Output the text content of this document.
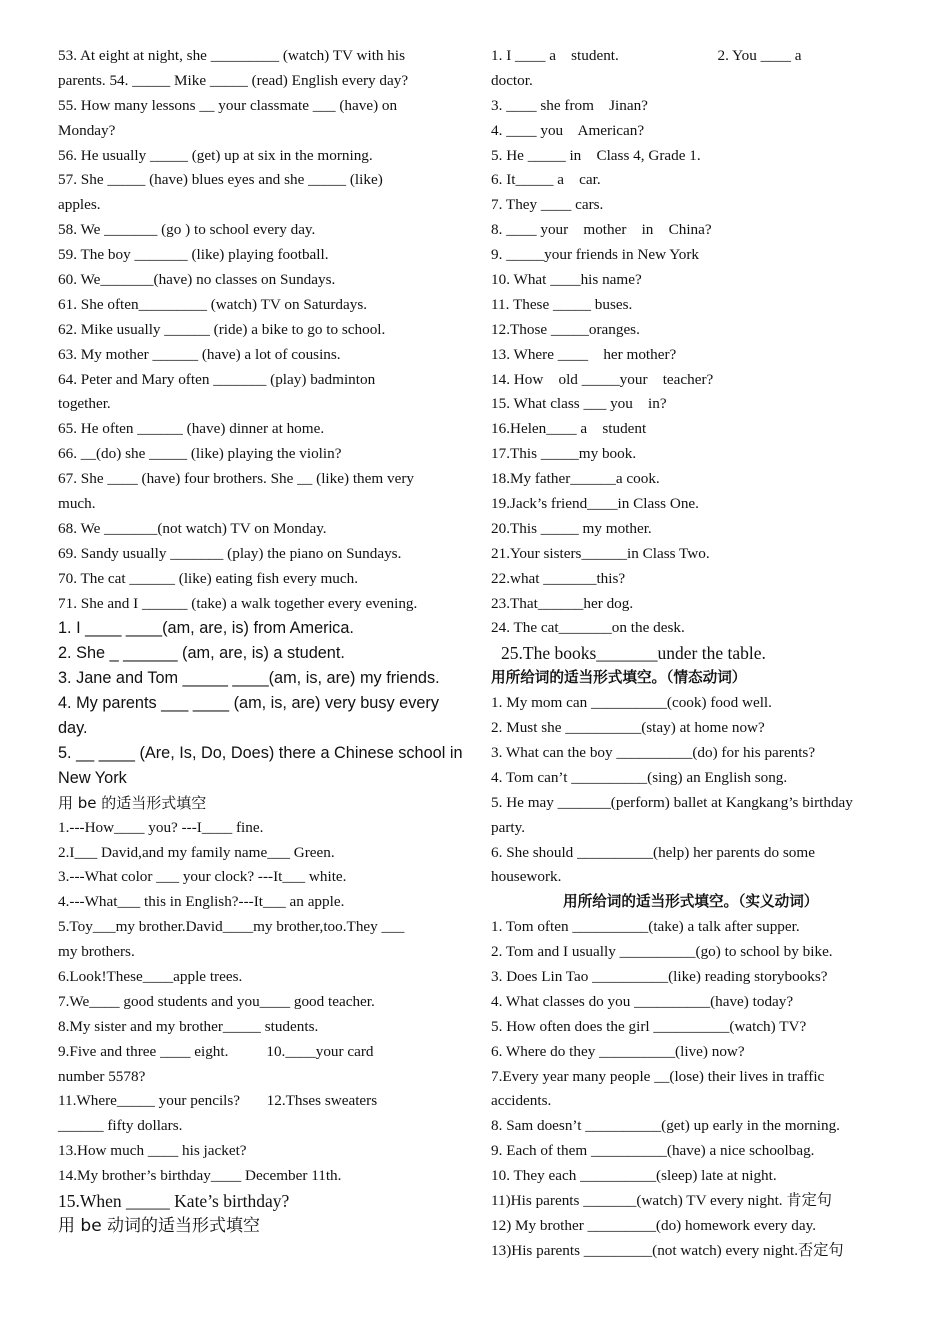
53. At eight at night, she _________ (watch) TV with his
parents. 54. _____ Mike _____ (read) English every day?
55. How many lessons __ your classmate ___ (have) on
Monday?
56. He usually _____ (get) up at six in the morning.
57. She _____ (have) blues eyes and she _____ (like)
apples.
58. We _______ (go ) to school every day.
59. The boy _______ (like) playing football.
60. We_______(have) no classes on Sundays.
61. She often_________ (watch) TV on Saturdays.
62. Mike usually ______ (ride) a bike to go to school.
63. My mother ______ (have) a lot of cousins.
64. Peter and Mary often _______ (play) badminton
together.
65. He often ______ (have) dinner at home.
66. __(do) she _____ (like) playing the violin?
67. She ____ (have) four brothers. She __ (like) them very
much.
68. We _______(not watch) TV on Monday.
69. Sandy usually _______ (play) the piano on Sundays.
70. The cat ______ (like) eating fish every much.
71. She and I ______ (take) a walk together every evening.
1. I ____ ____(am, are, is) from America.
2. She _ ______ (am, are, is) a student.
3. Jane and Tom _____ ____(am, is, are) my friends.
4. My parents ___ ____ (am, is, are) very busy every
day.
5. __ ____ (Are, Is, Do, Does) there a Chinese school in
New York
用 be 的适当形式填空
1.---How____ you? ---I____ fine.
2.I___ David,and my family name___ Green.
3.---What color ___ your clock? ---It___ white.
4.---What___ this in English?---It___ an apple.
5.Toy___my brother.David____my brother,too.They ___
my brothers.
6.Look!These____apple trees.
7.We____ good students and you____ good teacher.
8.My sister and my brother_____ students.
9.Five and three ____ eight.          10.____your card
number 5578?
11.Where_____ your pencils?       12.Thses sweaters
______ fifty dollars.
13.How much ____ his jacket?
14.My brother’s birthday____ December 11th.
15.When _____ Kate’s birthday?
用 be 动词的适当形式填空
1. I ____ a    student.                          2. You ____ a
doctor.
3. ____ she from    Jinan?
4. ____ you    American?
5. He _____ in    Class 4, Grade 1.
6. It_____ a    car.
7. They ____ cars.
8. ____ your    mother    in    China?
9. _____your friends in New York
10. What ____his name?
11. These _____ buses.
12.Those _____oranges.
13. Where ____    her mother?
14. How    old _____your    teacher?
15. What class ___ you    in?
16.Helen____ a    student
17.This _____my book.
18.My father______a cook.
19.Jack’s friend____in Class One.
20.This _____ my mother.
21.Your sisters______in Class Two.
22.what _______this?
23.That______her dog.
24. The cat_______on the desk.
25.The books_______under the table.
用所给词的适当形式填空。（情态动词）
1. My mom can __________(cook) food well.
2. Must she __________(stay) at home now?
3. What can the boy __________(do) for his parents?
4. Tom can’t __________(sing) an English song.
5. He may _______(perform) ballet at Kangkang’s birthday
party.
6. She should __________(help) her parents do some
housework.
用所给词的适当形式填空。（实义动词）
1. Tom often __________(take) a talk after supper.
2. Tom and I usually __________(go) to school by bike.
3. Does Lin Tao __________(like) reading storybooks?
4. What classes do you __________(have) today?
5. How often does the girl __________(watch) TV?
6. Where do they __________(live) now?
7.Every year many people __(lose) their lives in traffic
accidents.
8. Sam doesn’t __________(get) up early in the morning.
9. Each of them __________(have) a nice schoolbag.
10. They each __________(sleep) late at night.
11)His parents _______(watch) TV every night. 肯定句
12) My brother _________(do) homework every day.
13)His parents _________(not watch) every night.否定句
